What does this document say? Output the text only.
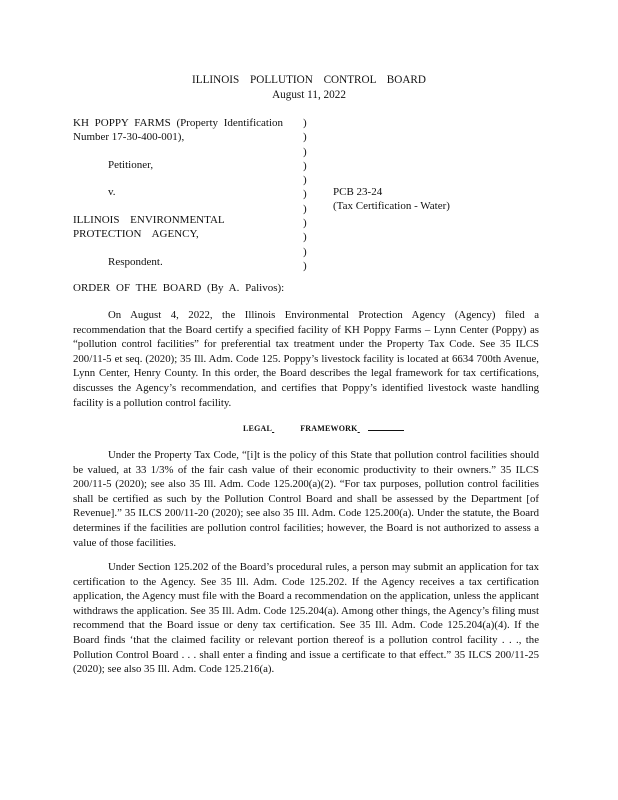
ILLINOIS POLLUTION CONTROL BOARD
August 11, 2022
KH POPPY FARMS (Property Identification
Number 17-30-400-001),
Petitioner,
v.
ILLINOIS ENVIRONMENTAL
PROTECTION AGENCY,
Respondent.
)
)
)
)
)
)
)
)
)
)
)
PCB 23-24
(Tax Certification - Water)
ORDER OF THE BOARD (By A. Palivos):

On August 4, 2022, the Illinois Environmental Protection Agency (Agency) filed a recommendation that the Board certify a specified facility of KH Poppy Farms – Lynn Center (Poppy) as “pollution control facilities” for preferential tax treatment under the Property Tax Code. See 35 ILCS 200/11-5 et seq. (2020); 35 Ill. Adm. Code 125. Poppy’s livestock facility is located at 6634 700th Avenue, Lynn Center, Henry County. In this order, the Board describes the legal framework for tax certifications, discusses the Agency’s recommendation, and certifies that Poppy’s identified livestock waste handling facility is a pollution control facility.

LEGAL	FRAMEWORK

Under the Property Tax Code, “[i]t is the policy of this State that pollution control facilities should be valued, at 33 1/3% of the fair cash value of their economic productivity to their owners.” 35 ILCS 200/11-5 (2020); see also 35 Ill. Adm. Code 125.200(a)(2). “For tax purposes, pollution control facilities shall be certified as such by the Pollution Control Board and shall be assessed by the Department [of Revenue].” 35 ILCS 200/11-20 (2020); see also 35 Ill. Adm. Code 125.200(a). Under the statute, the Board determines if the facilities are pollution control facilities; however, the Board is not authorized to assess a value of those facilities.

Under Section 125.202 of the Board’s procedural rules, a person may submit an application for tax certification to the Agency. See 35 Ill. Adm. Code 125.202. If the Agency receives a tax certification application, the Agency must file with the Board a recommendation on the application, unless the applicant withdraws the application. See 35 Ill. Adm. Code 125.204(a). Among other things, the Agency’s filing must recommend that the Board issue or deny tax certification. See 35 Ill. Adm. Code 125.204(a)(4). If the Board finds ‘that the claimed facility or relevant portion thereof is a pollution control facility . . ., the Pollution Control Board . . . shall enter a finding and issue a certificate to that effect.” 35 ILCS 200/11-25 (2020); see also 35 Ill. Adm. Code 125.216(a).
